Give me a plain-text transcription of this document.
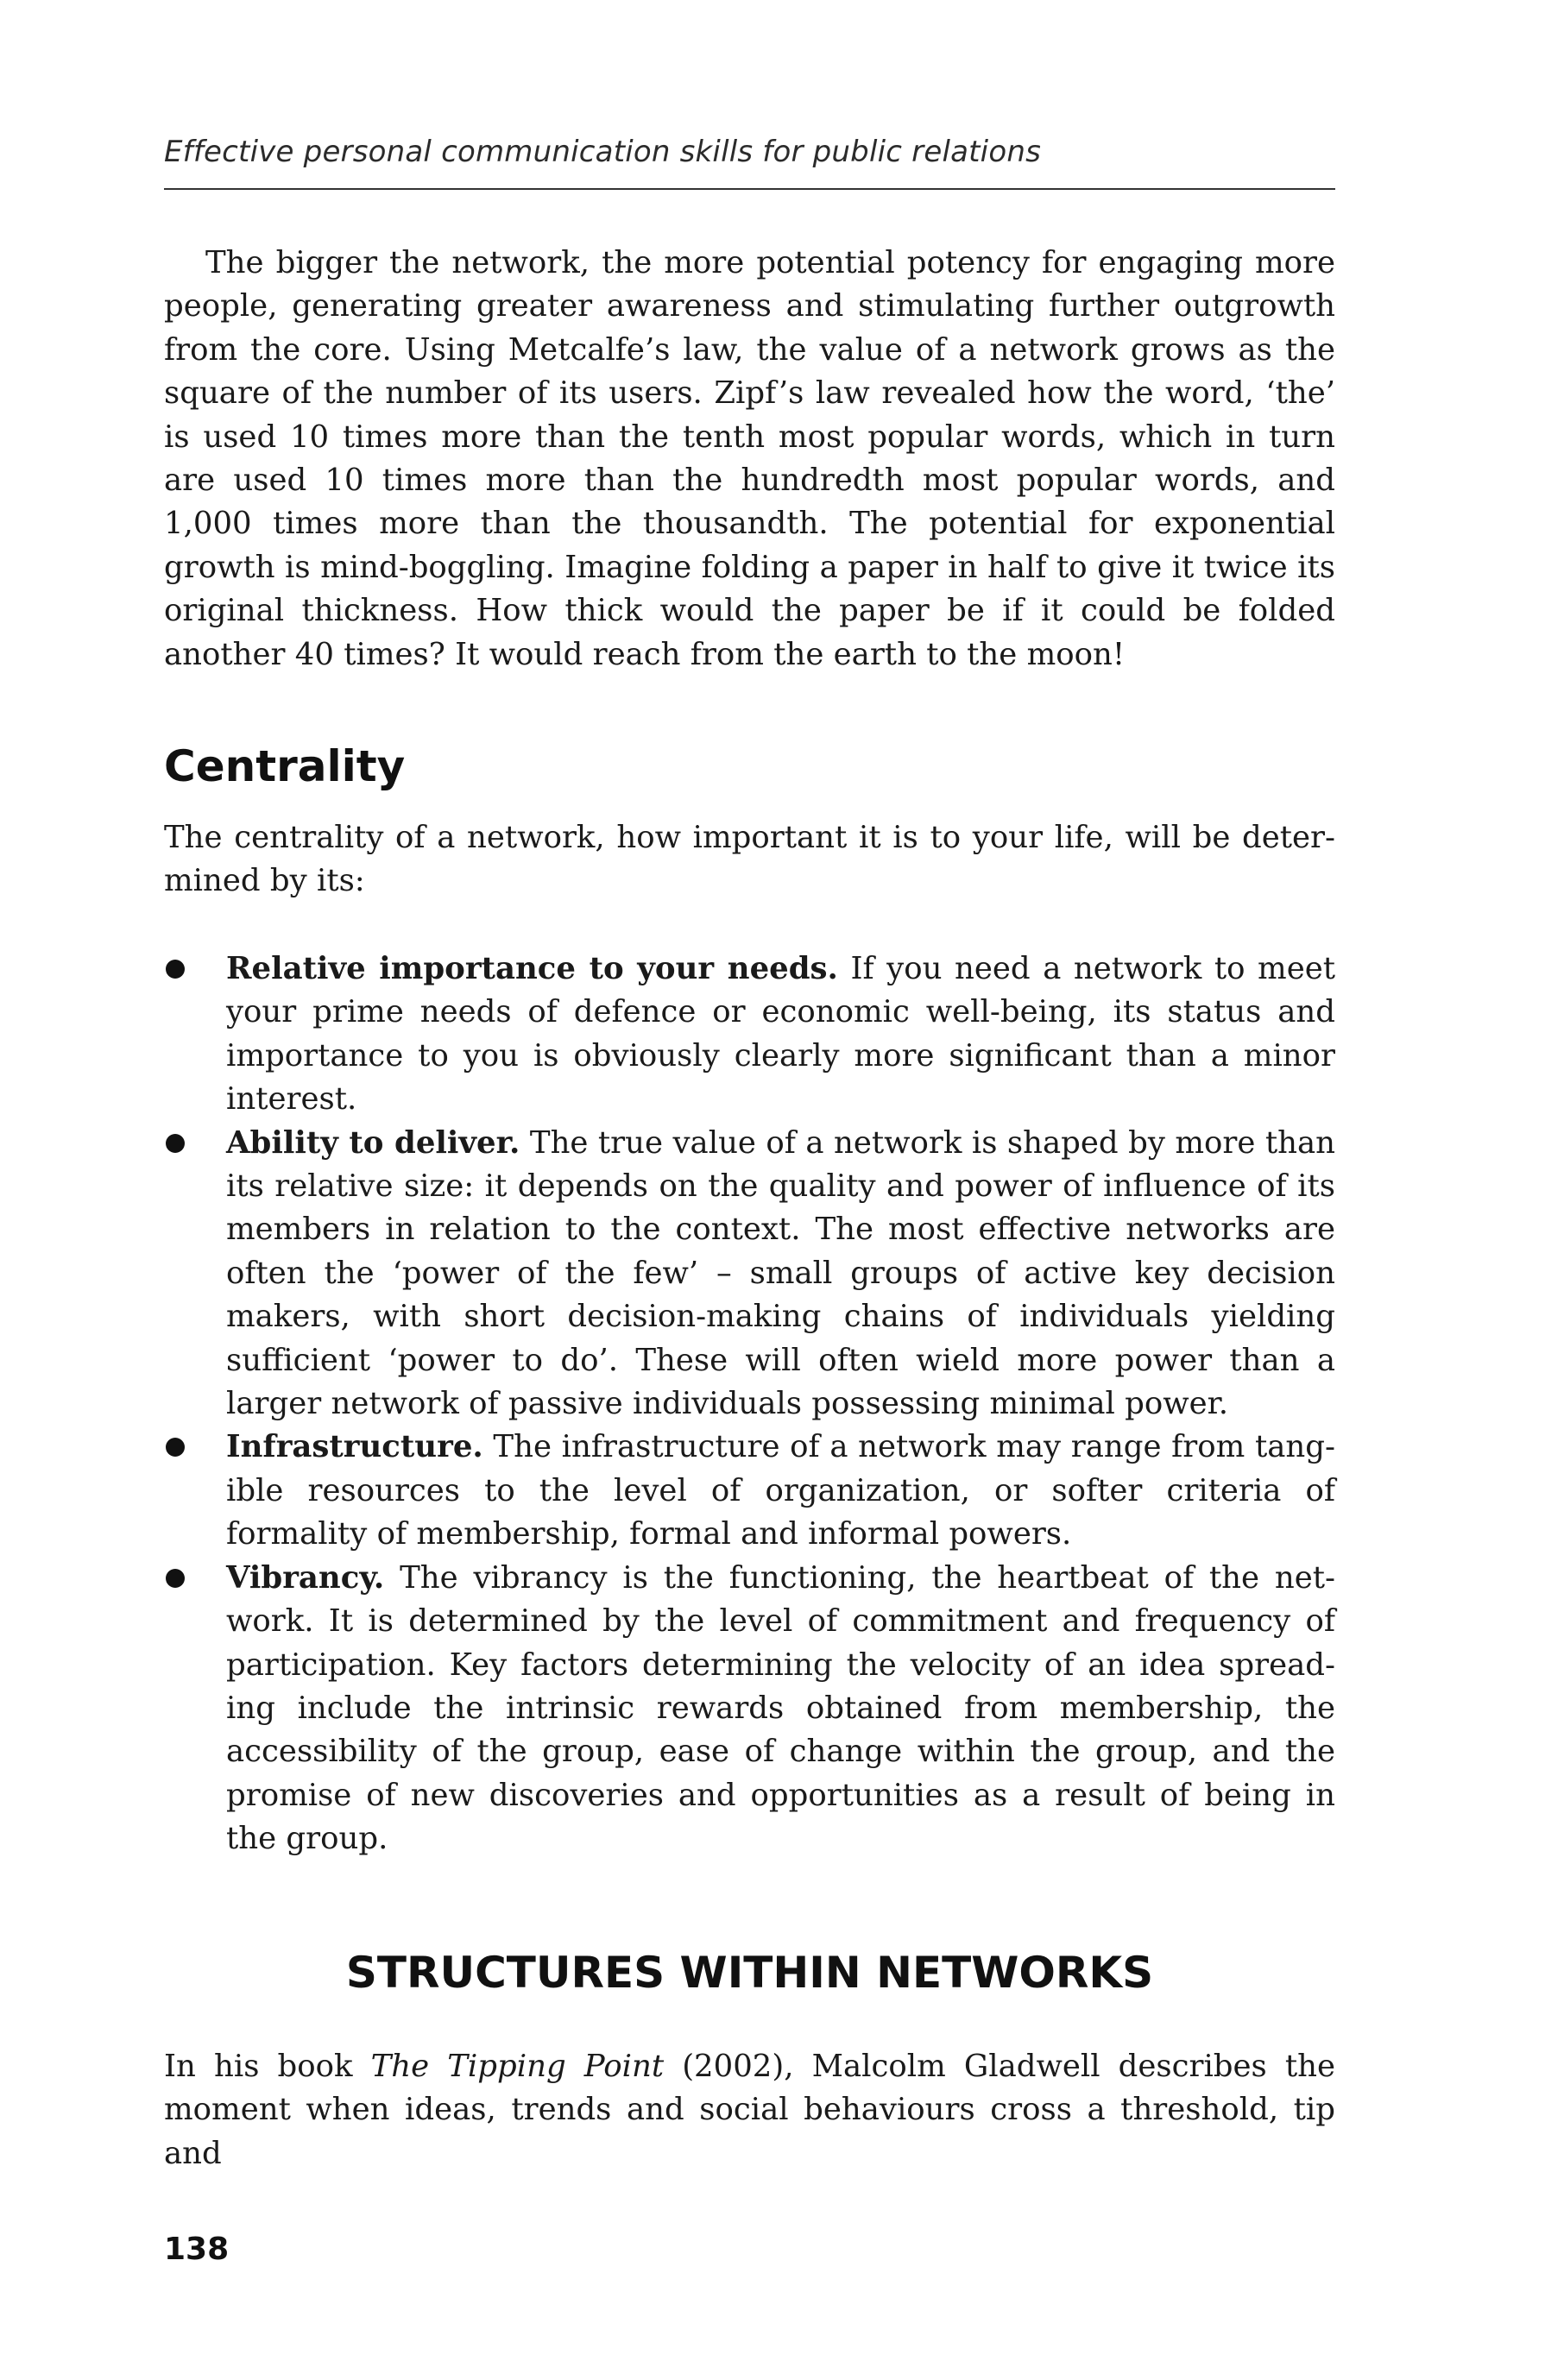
Effective personal communication skills for public relations

The bigger the network, the more potential potency for engaging more people, generating greater awareness and stimulating further outgrowth from the core. Using Metcalfe’s law, the value of a network grows as the square of the number of its users. Zipf’s law revealed how the word, ‘the’ is used 10 times more than the tenth most popular words, which in turn are used 10 times more than the hundredth most popular words, and 1,000 times more than the thousandth. The potential for exponential growth is mind-boggling. Imagine folding a paper in half to give it twice its original thickness. How thick would the paper be if it could be folded another 40 times? It would reach from the earth to the moon!

Centrality

The centrality of a network, how important it is to your life, will be determined by its:

Relative importance to your needs. If you need a network to meet your prime needs of defence or economic well-being, its status and importance to you is obviously clearly more significant than a minor interest.
Ability to deliver. The true value of a network is shaped by more than its relative size: it depends on the quality and power of influence of its members in relation to the context. The most effective networks are often the ‘power of the few’ – small groups of active key decision makers, with short decision-making chains of individuals yielding sufficient ‘power to do’. These will often wield more power than a larger network of passive individuals possessing minimal power.
Infrastructure. The infrastructure of a network may range from tangible resources to the level of organization, or softer criteria of formality of membership, formal and informal powers.
Vibrancy. The vibrancy is the functioning, the heartbeat of the network. It is determined by the level of commitment and frequency of participation. Key factors determining the velocity of an idea spreading include the intrinsic rewards obtained from membership, the accessibility of the group, ease of change within the group, and the promise of new discoveries and opportunities as a result of being in the group.
STRUCTURES WITHIN NETWORKS

In his book The Tipping Point (2002), Malcolm Gladwell describes the moment when ideas, trends and social behaviours cross a threshold, tip and

138
